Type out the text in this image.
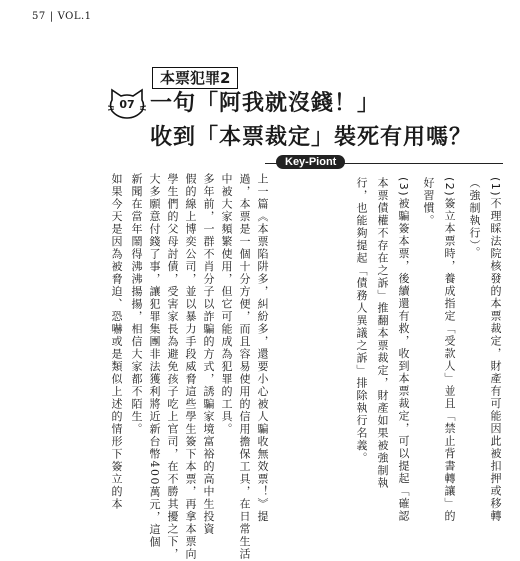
57 | VOL.1
本票犯罪2
07 一句「阿我就沒錢！」
收到「本票裁定」裝死有用嗎？
Key-Piont
(1)不理睬法院核發的本票裁定，財產有可能因此被扣押或移轉
（強制執行）。
(2)簽立本票時，養成指定「受款人」並且「禁止背書轉讓」的
好習慣。
(3)被騙簽本票，後續還有救，收到本票裁定，可以提起「確認
本票債權不存在之訴」推翻本票裁定，財產如果被強制執
行，也能夠提起「債務人異議之訴」排除執行名義。
上一篇《本票陷阱多，糾紛多，還要小心被人騙收無效票！》提
過，本票是一個十分方便，而且容易使用的信用擔保工具，在日常生活
中被大家頻繁使用，但它可能成為犯罪的工具。
多年前，一群不肖分子以詐騙的方式，誘騙家境富裕的高中生投資
假的線上博奕公司，並以暴力手段威脅這些學生簽下本票，再拿本票向
學生們的父母討債，受害家長為避免孩子吃上官司，在不勝其擾之下，
大多願意付錢了事，讓犯罪集團非法獲利將近新台幣400萬元，這個
新聞在當年鬧得沸沸揚揚，相信大家都不陌生。
如果今天是因為被脅迫、恐嚇或是類似上述的情形下簽立的本
